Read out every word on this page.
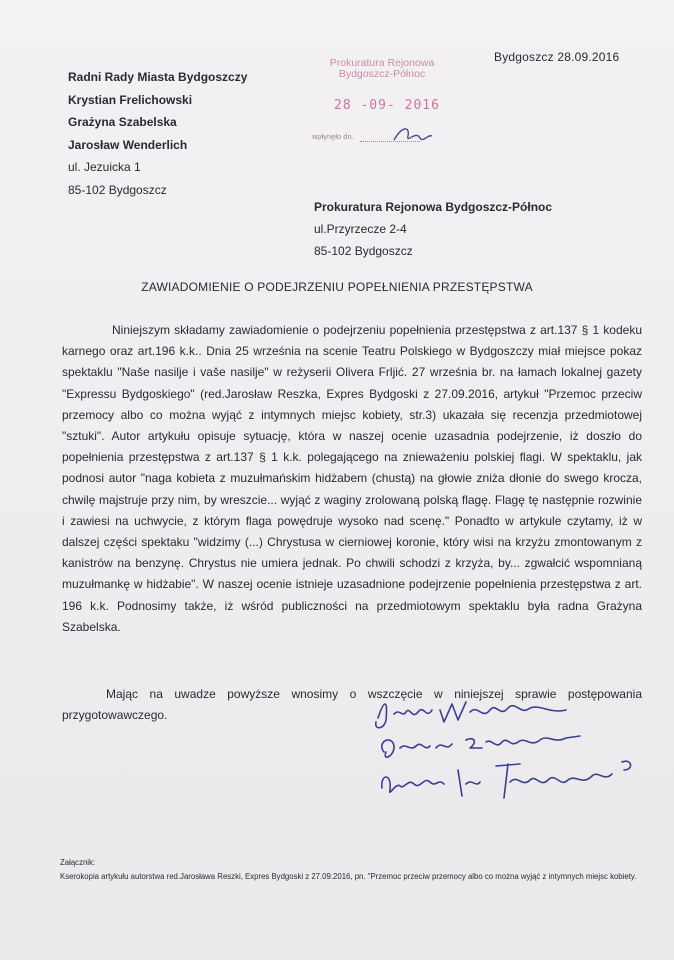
Bydgoszcz 28.09.2016
Radni Rady Miasta Bydgoszczy
Krystian Frelichowski
Grażyna Szabelska
Jarosław Wenderlich
ul. Jezuicka 1
85-102 Bydgoszcz
Prokuratura Rejonowa
Bydgoszcz-Północ
28 -09- 2016
wpłynęło dn.
Prokuratura Rejonowa Bydgoszcz-Północ
ul.Przyrzecze 2-4
85-102 Bydgoszcz
ZAWIADOMIENIE O PODEJRZENIU POPEŁNIENIA PRZESTĘPSTWA

Niniejszym składamy zawiadomienie o podejrzeniu popełnienia przestępstwa z art.137 § 1 kodeku karnego oraz art.196 k.k.. Dnia 25 września na scenie Teatru Polskiego w Bydgoszczy miał miejsce pokaz spektaklu "Naše nasilje i vaše nasilje" w reżyserii Olivera Frljić. 27 września br. na łamach lokalnej gazety "Expressu Bydgoskiego" (red.Jarosław Reszka, Expres Bydgoski z 27.09.2016, artykuł "Przemoc przeciw przemocy albo co można wyjąć z intymnych miejsc kobiety, str.3) ukazała się recenzja przedmiotowej "sztuki". Autor artykułu opisuje sytuację, która w naszej ocenie uzasadnia podejrzenie, iż doszło do popełnienia przestępstwa z art.137 § 1 k.k. polegającego na znieważeniu polskiej flagi. W spektaklu, jak podnosi autor "naga kobieta z muzułmańskim hidżabem (chustą) na głowie zniża dłonie do swego krocza, chwilę majstruje przy nim, by wreszcie... wyjąć z waginy zrolowaną polską flagę. Flagę tę następnie rozwinie i zawiesi na uchwycie, z którym flaga powędruje wysoko nad scenę." Ponadto w artykule czytamy, iż w dalszej części spektaku "widzimy (...) Chrystusa w cierniowej koronie, który wisi na krzyżu zmontowanym z kanistrów na benzynę. Chrystus nie umiera jednak. Po chwili schodzi z krzyża, by... zgwałcić wspomnianą muzułmankę w hidżabie". W naszej ocenie istnieje uzasadnione podejrzenie popełnienia przestępstwa z art. 196 k.k. Podnosimy także, iż wśród publiczności na przedmiotowym spektaklu była radna Grażyna Szabelska.

Mając na uwadze powyższe wnosimy o wszczęcie w niniejszej sprawie postępowania przygotowawczego.

Załącznik:
Kserokopia artykułu autorstwa red.Jarosława Reszki, Expres Bydgoski z 27.09.2016, pn. "Przemoc przeciw przemocy albo co można wyjąć z intymnych miejsc kobiety.
